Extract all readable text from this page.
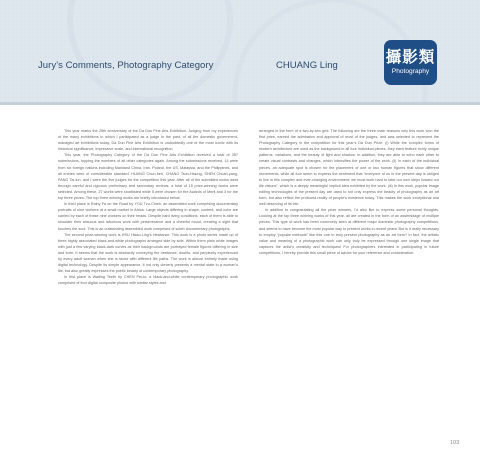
Jury’s Comments, Photography Category	CHUANG Ling	攝影類
Photography

This year marks the 25th anniversary of the Da Dun Fine Arts Exhibition. Judging from my experiences of the many exhibitions in which I participated as a judge in the past, of all the domestic government-managed art exhibitions today, Da Dun Fine Arts Exhibition is undoubtedly one of the most iconic with its historical significance, impressive scale, and international recognition.

This year, the Photography Category of the Da Dun Fine Arts Exhibition received a total of 357 submissions, topping the numbers of all other categories again. Among the submissions received, 14 were from six foreign nations including Mainland China, Iran, Poland, the US, Malaysia, and the Philippines, and all entries were of considerable standard. HUANG Chun-ben, CHANG Tsun-Hsiung, SHEN Chuan-yang, PANG Tai-lun, and I were the five judges for the competition this year. After all of the submitted works went through careful and rigorous preliminary and secondary reviews, a total of 15 prize-winning works were selected. Among these, 27 works were shortlisted while 5 were chosen for the Awards of Merit and 3 for the top three prizes. The top three winning works are briefly introduced below.

In third place is Rainy Fa on the Road by YOU Tzu-Chieh, an assembled work comprising documentary portraits of nine workers at a small market in Africa. Large objects differing in shape, content, and color are carried by each of these nine workers on their heads. Despite hard living conditions, each of them is able to shoulder their arduous and laborious work with perseverance and a cheerful mood, creating a sight that touches the soul. This is an outstanding assembled work comprised of sober documentary photographs.

The second prize-winning work is HSU Hsiao-Ling’s Hesitance. This work is a photo series made up of three highly associated black-and-white photographs arranged side by side. Within them plain white images with just a few varying black-dark curves as their backgrounds are portrayed female figures differing in size and form. It seems that the work is abstractly conveying the hesitance, doubts, and perplexity experienced by every adult woman when she is faced with different life paths. The work is almost entirely made using digital technology. Despite its simple appearance, it not only cleverly presents a mental state in a woman’s life, but also greatly expresses the poetic beauty of contemporary photography.

In first place is Waiting Teeth by CHEN Pei-tu, a black-and-white contemporary photographic work comprised of four digital composite photos with similar styles and

arranged in the form of a two-by-two grid. The following are the three main reasons why this work won the first prize, earned the admiration and approval of most of the judges, and was selected to represent the Photography Category in the competition for this year’s Da Dun Prize: (i) While the complex forms of modern architecture are used as the background in all four individual pieces, they each feature richly unique patterns, variations, and the beauty of light and shadow. In addition, they are able to echo each other to create visual contrasts and changes, which intensifies the power of the work. (ii) In each of the individual pieces, an adequate spot is chosen for the placement of one or two human figures that show different movements, while all four seem to express the sentiment that “everyone of us in the present day is obliged to live in this complex and ever-changing environment; we must work hard to take our own steps toward our life visions”, which is a deeply meaningful implicit idea exhibited by the work. (iii) In this work, popular image editing technologies of the present day are used to not only express the beauty of photography as an art form, but also reflect the profound reality of people’s existence today. This makes the work exceptional and well deserving of its win.

In addition to congratulating all the prize winners, I’d also like to express some personal thoughts. Looking at the top three winning works of this year, all are created in the form of an assemblage of multiple pieces. This type of work has been commonly seen at different major domestic photography competitions, and seems to have become the most popular way to present works in recent years! But is it really necessary to employ “popular methods” like this one to truly present photography as an art form? In fact, the artistic value and meaning of a photographic work can only truly be expressed through one single image that captures the artist’s creativity and techniques! For photographers interested in participating in future competitions, I hereby provide this small piece of advice for your reference and consideration.

103
